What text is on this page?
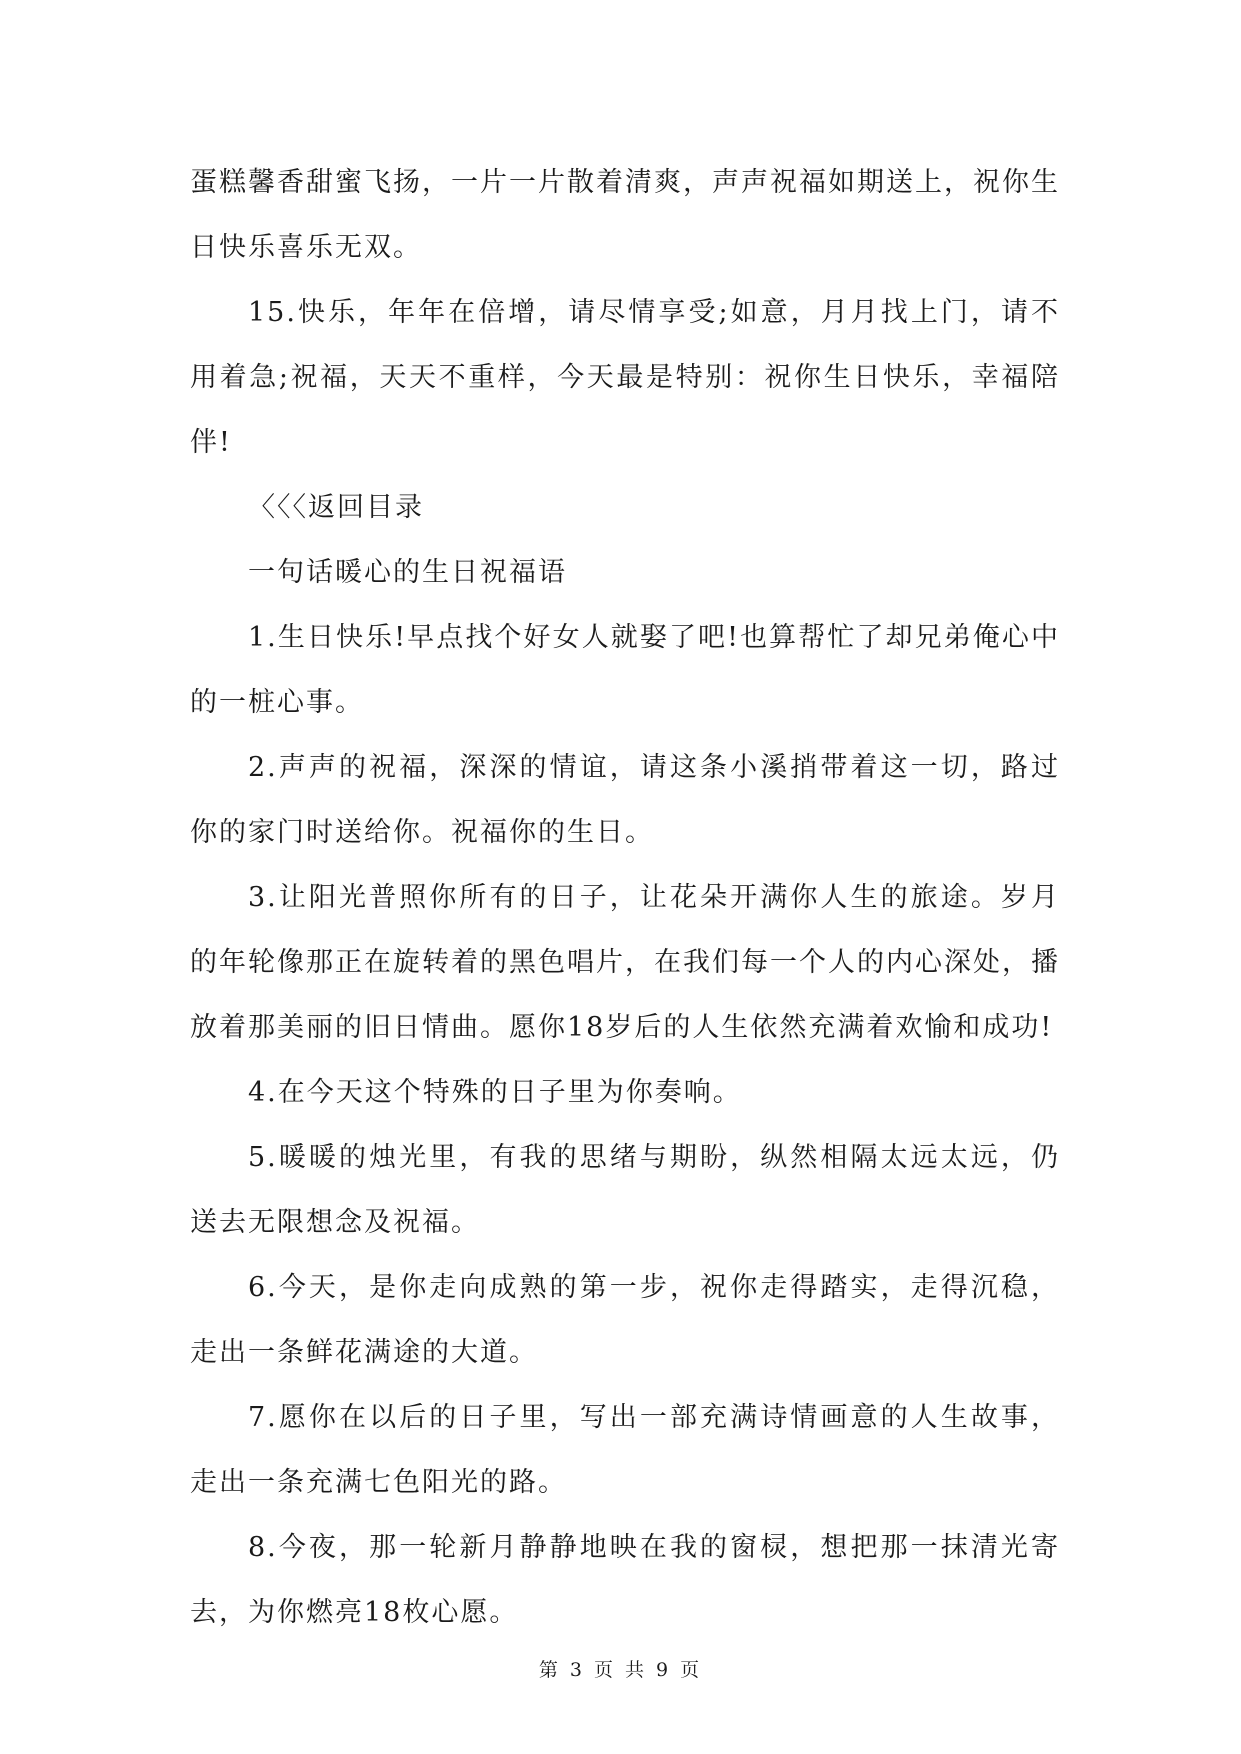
蛋糕馨香甜蜜飞扬，一片一片散着清爽，声声祝福如期送上，祝你生日快乐喜乐无双。

15.快乐，年年在倍增，请尽情享受;如意，月月找上门，请不用着急;祝福，天天不重样，今天最是特别：祝你生日快乐，幸福陪伴!

〈〈〈返回目录

一句话暖心的生日祝福语

1.生日快乐!早点找个好女人就娶了吧!也算帮忙了却兄弟俺心中的一桩心事。

2.声声的祝福，深深的情谊，请这条小溪捎带着这一切，路过你的家门时送给你。祝福你的生日。

3.让阳光普照你所有的日子，让花朵开满你人生的旅途。岁月的年轮像那正在旋转着的黑色唱片，在我们每一个人的内心深处，播放着那美丽的旧日情曲。愿你18岁后的人生依然充满着欢愉和成功!

4.在今天这个特殊的日子里为你奏响。

5.暖暖的烛光里，有我的思绪与期盼，纵然相隔太远太远，仍送去无限想念及祝福。

6.今天，是你走向成熟的第一步，祝你走得踏实，走得沉稳，走出一条鲜花满途的大道。

7.愿你在以后的日子里，写出一部充满诗情画意的人生故事，走出一条充满七色阳光的路。

8.今夜，那一轮新月静静地映在我的窗棂，想把那一抹清光寄去，为你燃亮18枚心愿。

第 3 页 共 9 页
